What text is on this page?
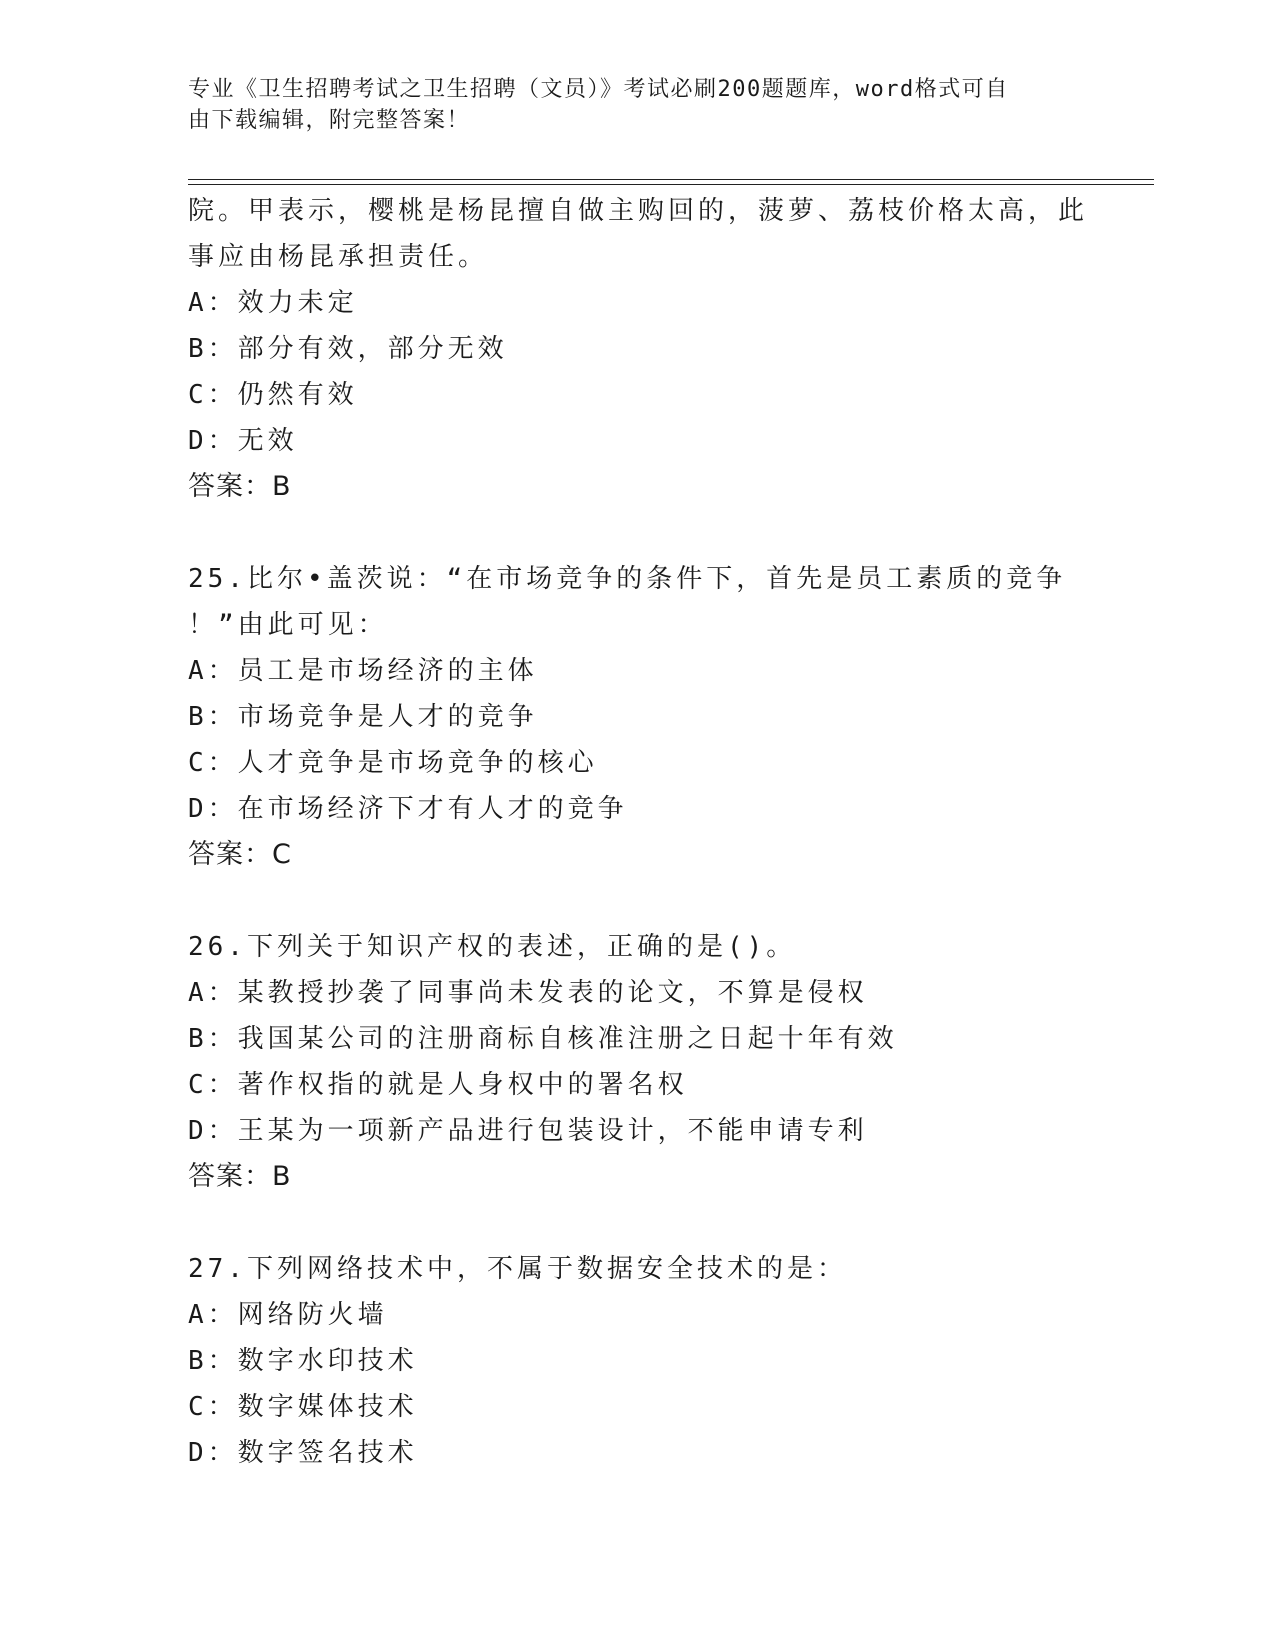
专业《卫生招聘考试之卫生招聘（文员）》考试必刷200题题库，word格式可自
由下载编辑，附完整答案！
院。甲表示，樱桃是杨昆擅自做主购回的，菠萝、荔枝价格太高，此
事应由杨昆承担责任。
A：效力未定
B：部分有效，部分无效
C：仍然有效
D：无效
答案：B
25.比尔•盖茨说：“在市场竞争的条件下，首先是员工素质的竞争
！”由此可见：
A：员工是市场经济的主体
B：市场竞争是人才的竞争
C：人才竞争是市场竞争的核心
D：在市场经济下才有人才的竞争
答案：C
26.下列关于知识产权的表述，正确的是()。
A：某教授抄袭了同事尚未发表的论文，不算是侵权
B：我国某公司的注册商标自核准注册之日起十年有效
C：著作权指的就是人身权中的署名权
D：王某为一项新产品进行包装设计，不能申请专利
答案：B
27.下列网络技术中，不属于数据安全技术的是：
A：网络防火墙
B：数字水印技术
C：数字媒体技术
D：数字签名技术
